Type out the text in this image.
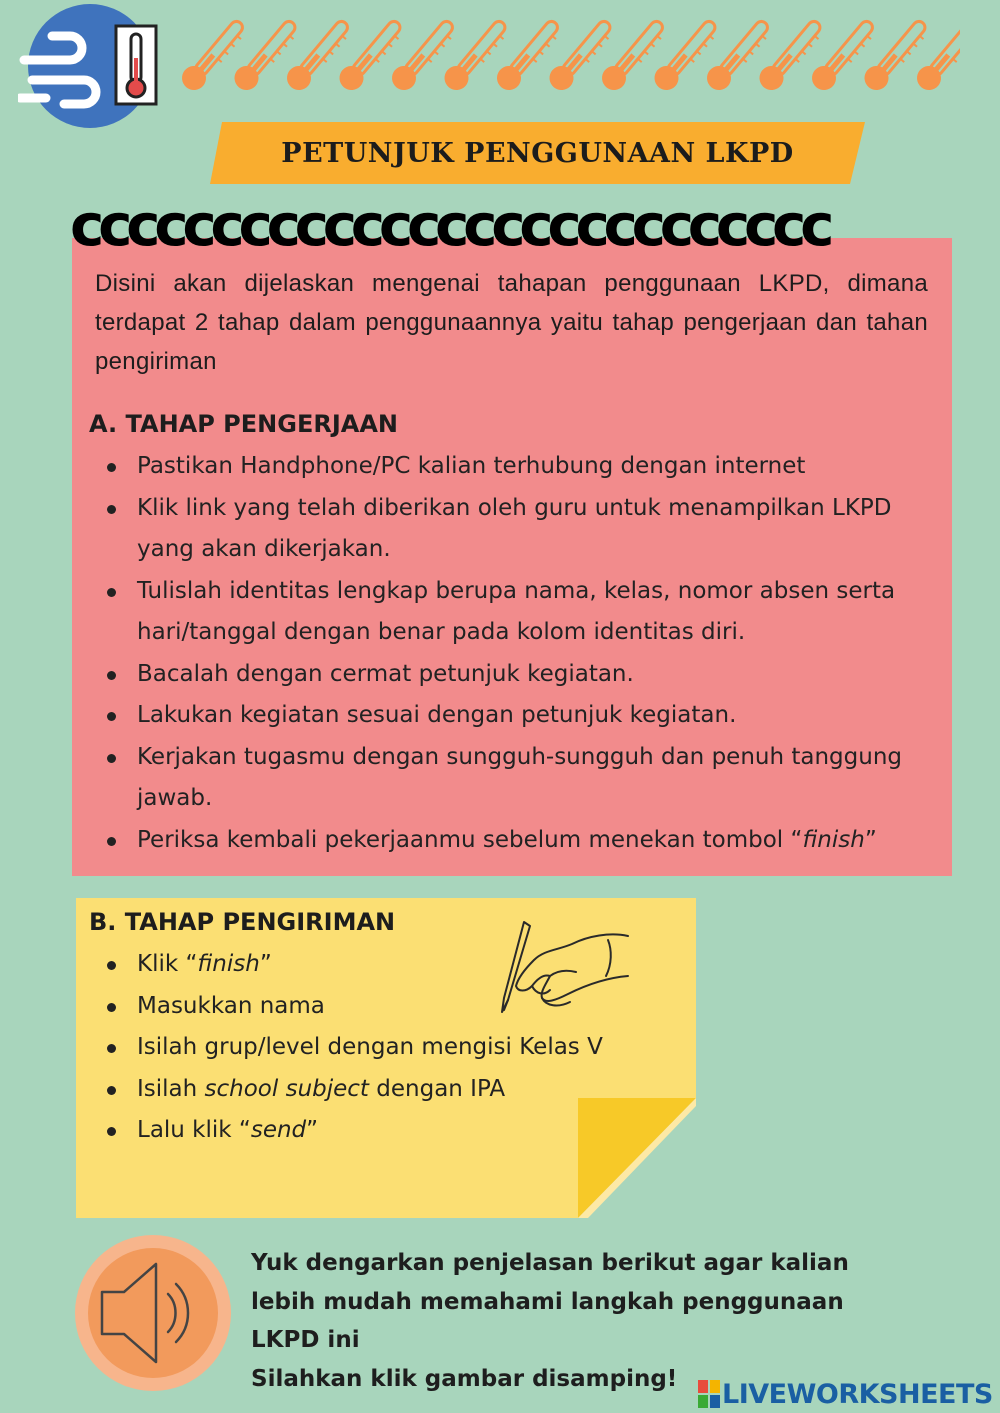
PETUNJUK PENGGUNAAN LKPD
ccccccccccccccccccccccccccc
Disini akan dijelaskan mengenai tahapan penggunaan LKPD, dimana terdapat 2 tahap dalam penggunaannya yaitu tahap pengerjaan dan tahan pengiriman
A. TAHAP PENGERJAAN
Pastikan Handphone/PC kalian terhubung dengan internet
Klik link yang telah diberikan oleh guru untuk menampilkan LKPD yang akan dikerjakan.
Tulislah identitas lengkap berupa nama, kelas, nomor absen serta hari/tanggal dengan benar pada kolom identitas diri.
Bacalah dengan cermat petunjuk kegiatan.
Lakukan kegiatan sesuai dengan petunjuk kegiatan.
Kerjakan tugasmu dengan sungguh-sungguh dan penuh tanggung jawab.
Periksa kembali pekerjaanmu sebelum menekan tombol “finish”
B. TAHAP PENGIRIMAN
Klik “finish”
Masukkan nama
Isilah grup/level dengan mengisi Kelas V
Isilah school subject dengan IPA
Lalu klik “send”
Yuk dengarkan penjelasan berikut agar kalian
lebih mudah memahami langkah penggunaan
LKPD ini
Silahkan klik gambar disamping!	LIVEWORKSHEETS
